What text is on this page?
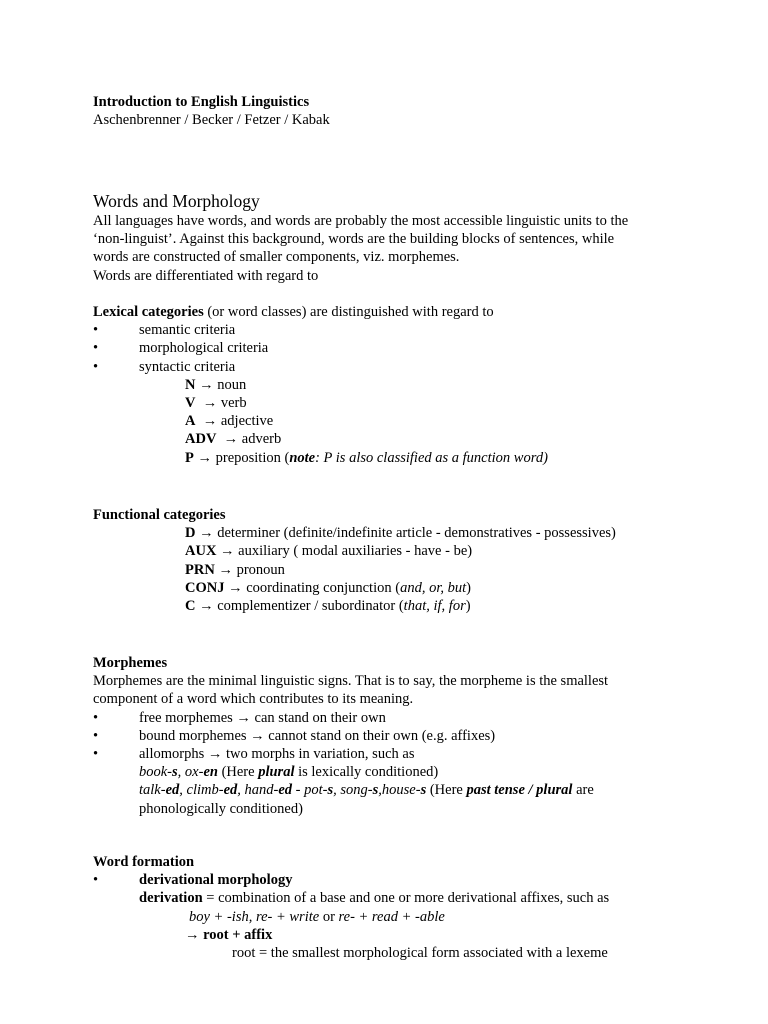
Introduction to English Linguistics
Aschenbrenner / Becker / Fetzer / Kabak
Words and Morphology
All languages have words, and words are probably the most accessible linguistic units to the
‘non-linguist’. Against this background, words are the building blocks of sentences, while
words are constructed of smaller components, viz. morphemes.
Words are differentiated with regard to
Lexical categories (or word classes) are distinguished with regard to
•	semantic criteria
•	morphological criteria
•	syntactic criteria
N → noun
V → verb
A → adjective
ADV → adverb
P → preposition (note: P is also classified as a function word)
Functional categories
D → determiner (definite/indefinite article - demonstratives - possessives)
AUX → auxiliary ( modal auxiliaries - have - be)
PRN → pronoun
CONJ → coordinating conjunction (and, or, but)
C → complementizer / subordinator (that, if, for)
Morphemes
Morphemes are the minimal linguistic signs. That is to say, the morpheme is the smallest
component of a word which contributes to its meaning.
•	free morphemes → can stand on their own
•	bound morphemes → cannot stand on their own (e.g. affixes)
•	allomorphs → two morphs in variation, such as
book-s, ox-en (Here plural is lexically conditioned)
talk-ed, climb-ed, hand-ed - pot-s, song-s,house-s (Here past tense / plural are
phonologically conditioned)
Word formation
•	derivational morphology
derivation = combination of a base and one or more derivational affixes, such as
boy + -ish, re- + write or re- + read + -able
→ root + affix
root = the smallest morphological form associated with a lexeme
